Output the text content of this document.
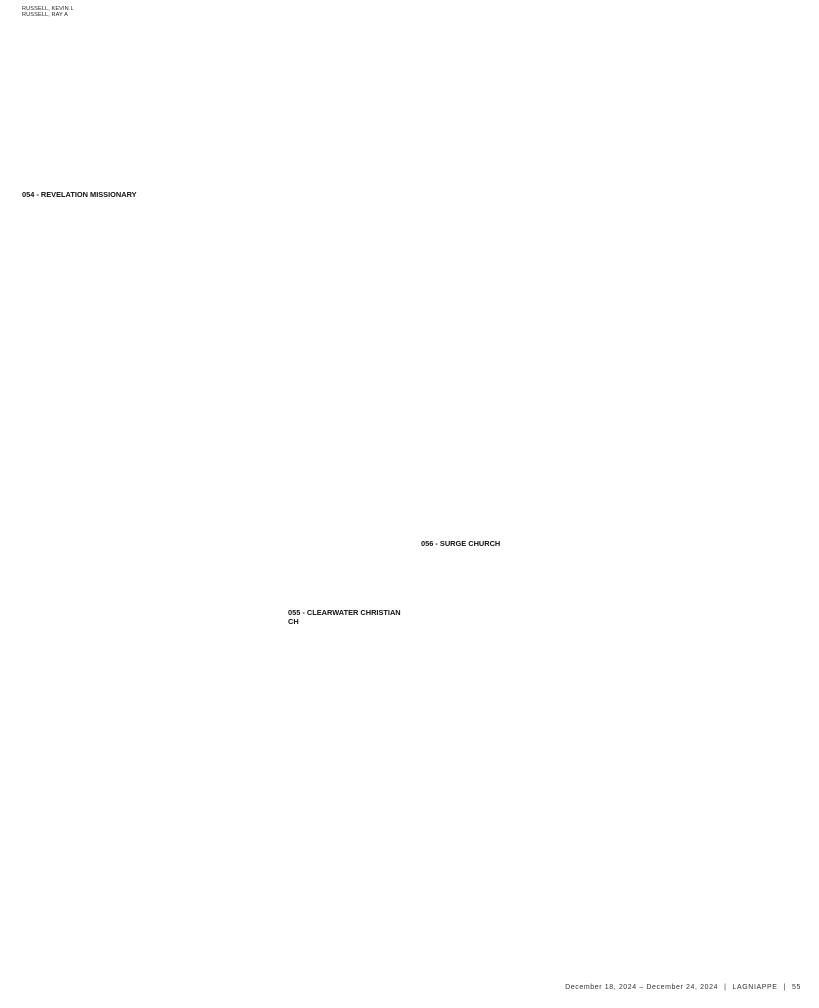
RUSSELL, KEVIN L
RUSSELL, RAY A
054 - REVELATION MISSIONARY
055 - CLEARWATER CHRISTIAN CH
056 - SURGE CHURCH
December 18, 2024 – December 24, 2024 | LAGNIAPPE | 55
